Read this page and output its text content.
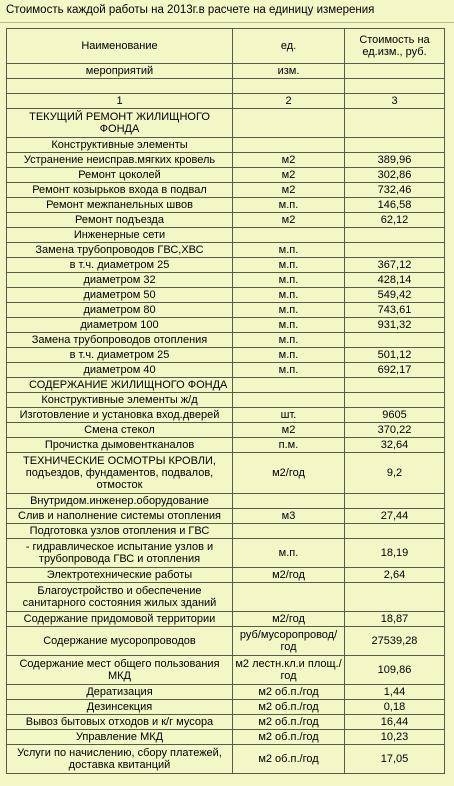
Стоимость каждой работы на 2013г.в расчете на единицу измерения
Наименование	ед.	Стоимость на ед.изм., руб.
мероприятий	изм.	

1	2	3
ТЕКУЩИЙ РЕМОНТ ЖИЛИЩНОГО ФОНДА		
Конструктивные элементы		
Устранение неисправ.мягких кровель	м2	389,96
Ремонт цоколей	м2	302,86
Ремонт козырьков входа в подвал	м2	732,46
Ремонт межпанельных швов	м.п.	146,58
Ремонт подъезда	м2	62,12
Инженерные сети		
Замена трубопроводов ГВС,ХВС	м.п.	
в т.ч. диаметром 25	м.п.	367,12
диаметром 32	м.п.	428,14
диаметром 50	м.п.	549,42
диаметром 80	м.п.	743,61
диаметром 100	м.п.	931,32
Замена трубопроводов отопления	м.п.	
в т.ч. диаметром 25	м.п.	501,12
диаметром 40	м.п.	692,17
СОДЕРЖАНИЕ ЖИЛИЩНОГО ФОНДА		
Конструктивные элементы ж/д		
Изготовление и установка вход.дверей	шт.	9605
Смена стекол	м2	370,22
Прочистка дымовентканалов	п.м.	32,64
ТЕХНИЧЕСКИЕ ОСМОТРЫ КРОВЛИ, подъездов, фундаментов, подвалов, отмосток	м2/год	9,2
Внутридом.инженер.оборудование		
Слив и наполнение системы отопления	м3	27,44
Подготовка узлов отопления и ГВС		
- гидравлическое испытание узлов и трубопровода ГВС и отопления	м.п.	18,19
Электротехнические работы	м2/год	2,64
Благоустройство и обеспечение санитарного состояния жилых зданий		
Содержание придомовой территории	м2/год	18,87
Содержание мусоропроводов	руб/мусоропровод/год	27539,28
Содержание мест общего пользования МКД	м2 лестн.кл.и площ./год	109,86
Дератизация	м2 об.п./год	1,44
Дезинсекция	м2 об.п./год	0,18
Вывоз бытовых отходов и к/г мусора	м2 об.п./год	16,44
Управление МКД	м2 об.п./год	10,23
Услуги по начислению, сбору платежей, доставка квитанций	м2 об.п./год	17,05
